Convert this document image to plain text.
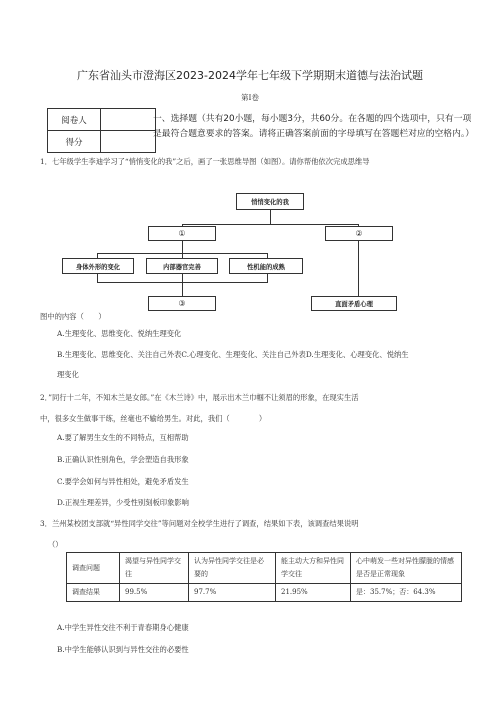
广东省汕头市澄海区2023-2024学年七年级下学期期末道德与法治试题
第I卷
阅卷人	
得分	
一、选择题（共有20小题，每小题3分，共60分。在各题的四个选项中，只有一项是最符合题意要求的答案。请将正确答案前面的字母填写在答题栏对应的空格内。）
1．七年级学生李迪学习了“悄悄变化的我”之后，画了一张思维导图（如图）。请你帮他依次完成思维导
悄悄变化的我
①	②
身体外形的变化	内部器官完善	性机能的成熟
③	直面矛盾心理
图中的内容（　　）
A.生理变化、思维变化、悦纳生理变化
B.生理变化、思维变化、关注自己外表C.心理变化、生理变化、关注自己外表D.生理变化、心理变化、悦纳生
理变化
2．”同行十二年，不知木兰是女郎。”在《木兰诗》中，展示出木兰巾帼不让须眉的形象，在现实生活
中，很多女生做事干练，丝毫也不输给男生。对此，我们（　　　　）
A.要了解男生女生的不同特点，互相帮助
B.正确认识性别角色，学会塑造自我形象
C.要学会如何与异性相处，避免矛盾发生
D.正视生理差异，少受性别刻板印象影响
3．兰州某校团支部就“异性同学交往”等问题对全校学生进行了调查，结果如下表，该调查结果说明
（）
调查问题	渴望与异性同学交往	认为异性同学交往是必要的	能主动大方和异性同学交往	心中萌发一些对异性朦胧的情感是否是正常现象
调查结果	99.5%	97.7%	21.95%	是：35.7%；否：64.3%
A.中学生异性交往不利于青春期身心健康
B.中学生能够认识到与异性交往的必要性
